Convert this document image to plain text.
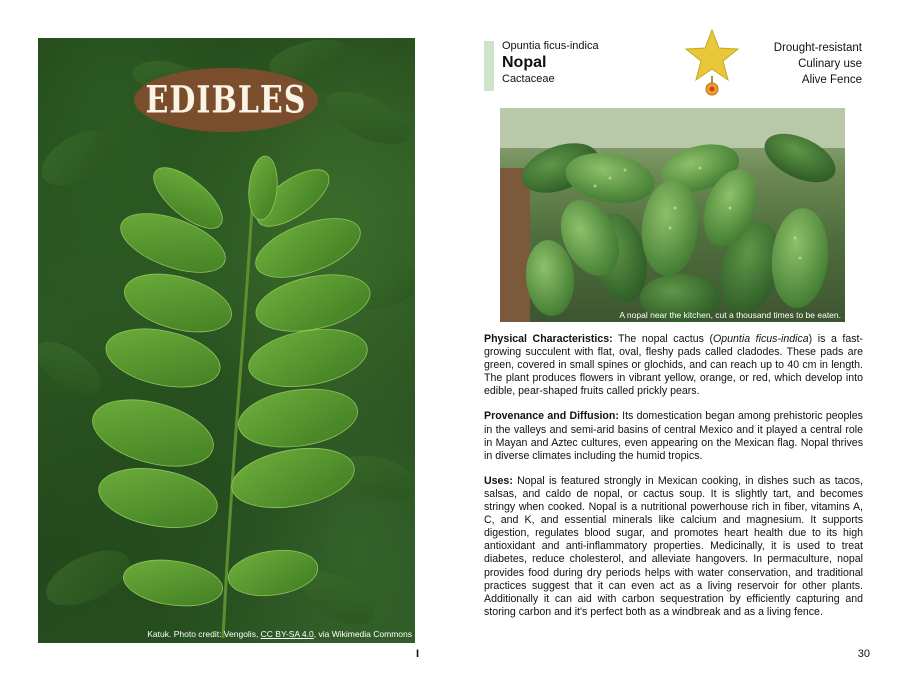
EDIBLES
Katuk. Photo credit: Vengolis, CC BY-SA 4.0, via Wikimedia Commons
I
Opuntia ficus-indica
Nopal
Cactaceae
Drought-resistant
Culinary use
Alive Fence
A nopal near the kitchen, cut a thousand times to be eaten.

Physical Characteristics: The nopal cactus (Opuntia ficus-indica) is a fast-growing succulent with flat, oval, fleshy pads called cladodes. These pads are green, covered in small spines or glochids, and can reach up to 40 cm in length. The plant produces flowers in vibrant yellow, orange, or red, which develop into edible, pear-shaped fruits called prickly pears.

Provenance and Diffusion: Its domestication began among prehistoric peoples in the valleys and semi-arid basins of central Mexico and it played a central role in Mayan and Aztec cultures, even appearing on the Mexican flag. Nopal thrives in diverse climates including the humid tropics.

Uses: Nopal is featured strongly in Mexican cooking, in dishes such as tacos, salsas, and caldo de nopal, or cactus soup. It is slightly tart, and becomes stringy when cooked. Nopal is a nutritional powerhouse rich in fiber, vitamins A, C, and K, and essential minerals like calcium and magnesium. It supports digestion, regulates blood sugar, and promotes heart health due to its high antioxidant and anti-inflammatory properties. Medicinally, it is used to treat diabetes, reduce cholesterol, and alleviate hangovers. In permaculture, nopal provides food during dry periods helps with water conservation, and traditional practices suggest that it can even act as a living reservoir for other plants. Additionally it can aid with carbon sequestration by efficiently capturing and storing carbon and it's perfect both as a windbreak and as a living fence.

30
